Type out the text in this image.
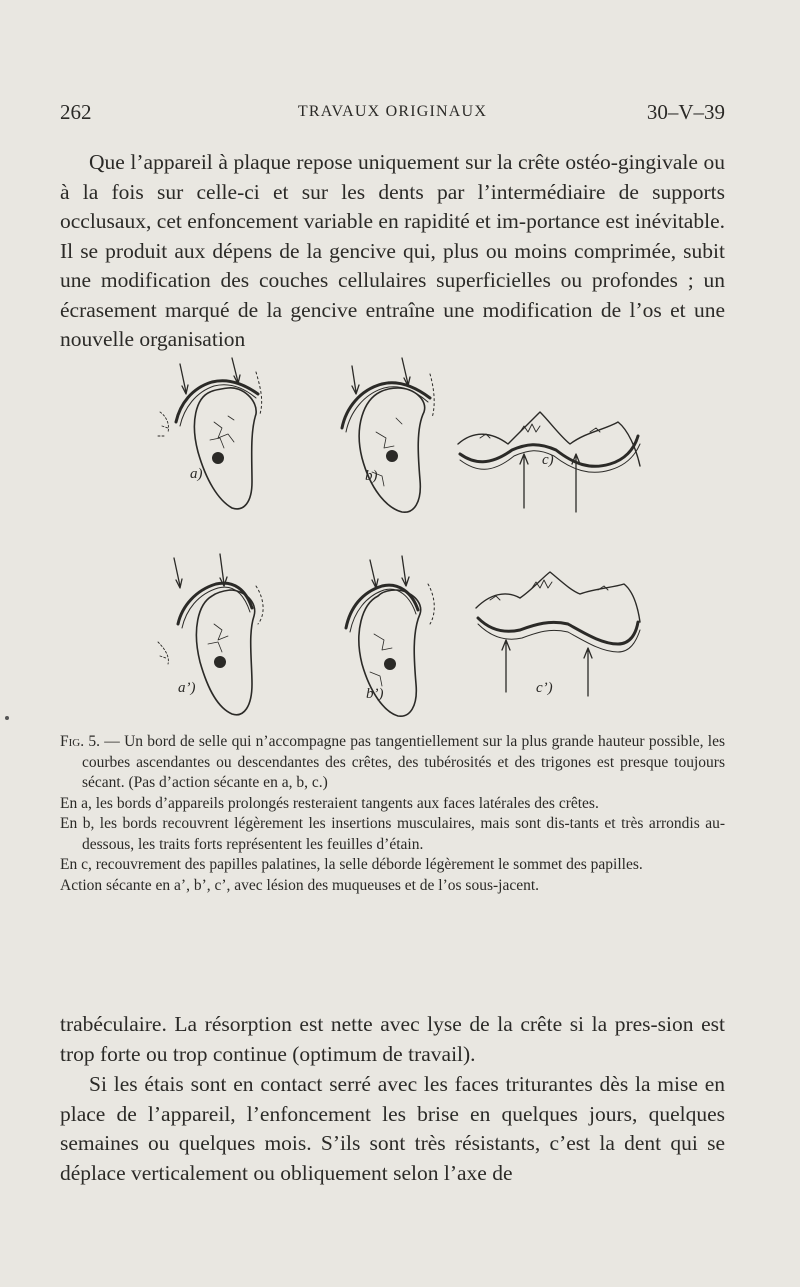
262	TRAVAUX ORIGINAUX	30–V–39

Que l’appareil à plaque repose uniquement sur la crête ostéo-gingivale ou à la fois sur celle-ci et sur les dents par l’intermédiaire de supports occlusaux, cet enfoncement variable en rapidité et im-portance est inévitable. Il se produit aux dépens de la gencive qui, plus ou moins comprimée, subit une modification des couches cellulaires superficielles ou profondes ; un écrasement marqué de la gencive entraîne une modification de l’os et une nouvelle organisation

a)	b)
c)
a’)	b’)	c’)

Fig. 5. — Un bord de selle qui n’accompagne pas tangentiellement sur la plus grande hauteur possible, les courbes ascendantes ou descendantes des crêtes, des tubérosités et des trigones est presque toujours sécant. (Pas d’action sécante en a, b, c.)

En a, les bords d’appareils prolongés resteraient tangents aux faces latérales des crêtes.

En b, les bords recouvrent légèrement les insertions musculaires, mais sont dis-tants et très arrondis au-dessous, les traits forts représentent les feuilles d’étain.

En c, recouvrement des papilles palatines, la selle déborde légèrement le sommet des papilles.

Action sécante en a’, b’, c’, avec lésion des muqueuses et de l’os sous-jacent.

trabéculaire. La résorption est nette avec lyse de la crête si la pres-sion est trop forte ou trop continue (optimum de travail).

Si les étais sont en contact serré avec les faces triturantes dès la mise en place de l’appareil, l’enfoncement les brise en quelques jours, quelques semaines ou quelques mois. S’ils sont très résistants, c’est la dent qui se déplace verticalement ou obliquement selon l’axe de
